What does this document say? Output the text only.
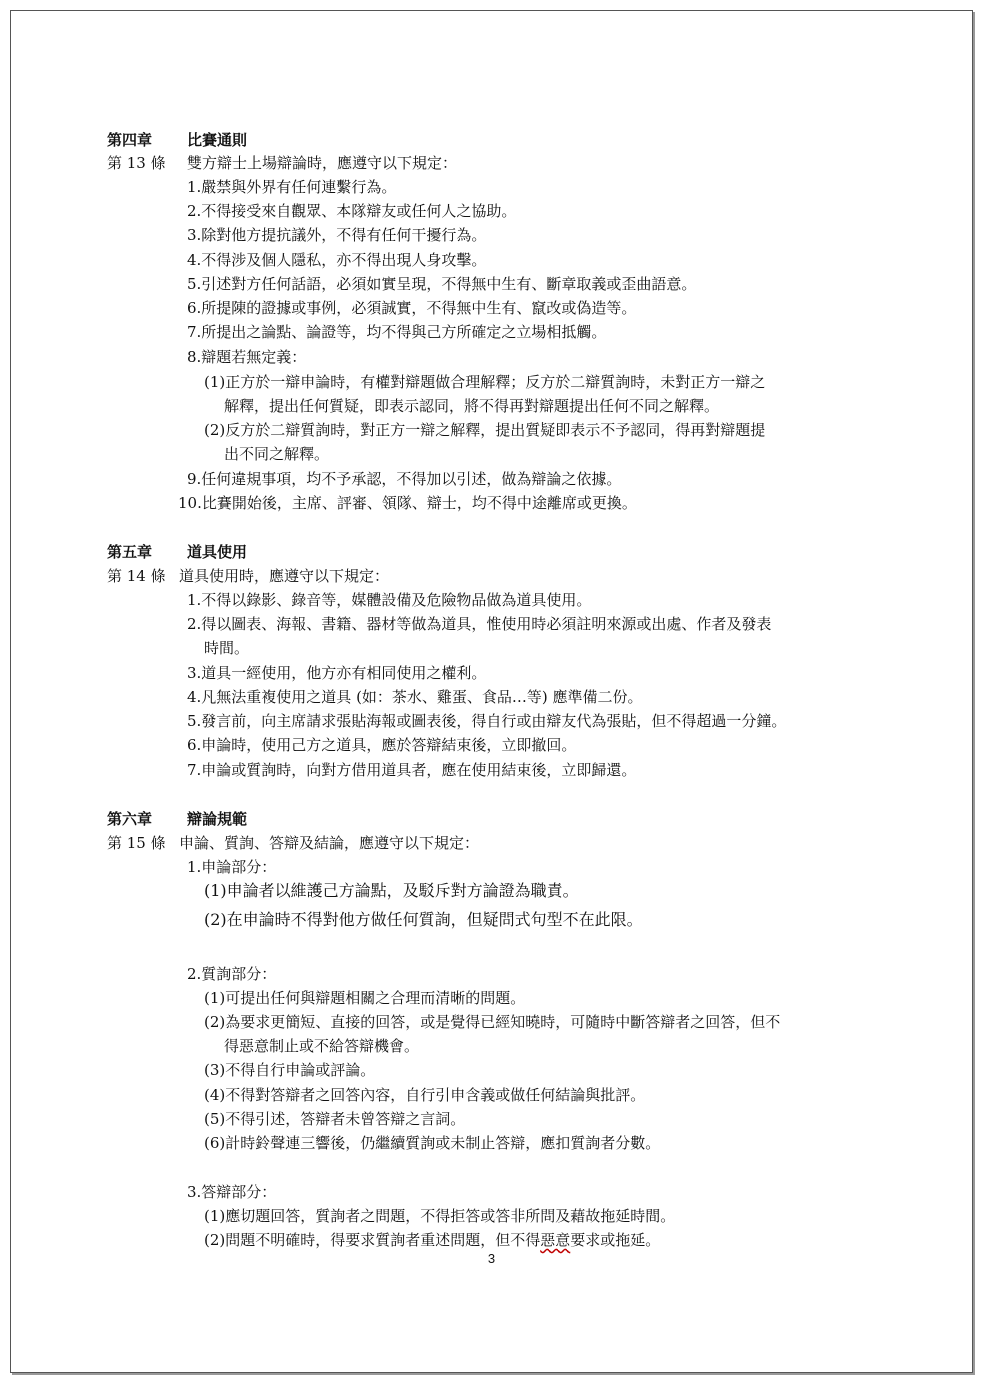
第四章 比賽通則
第 13 條 雙方辯士上場辯論時，應遵守以下規定：
1.嚴禁與外界有任何連繫行為。
2.不得接受來自觀眾、本隊辯友或任何人之協助。
3.除對他方提抗議外，不得有任何干擾行為。
4.不得涉及個人隱私，亦不得出現人身攻擊。
5.引述對方任何話語，必須如實呈現，不得無中生有、斷章取義或歪曲語意。
6.所提陳的證據或事例，必須誠實，不得無中生有、竄改或偽造等。
7.所提出之論點、論證等，均不得與己方所確定之立場相抵觸。
8.辯題若無定義：
(1)正方於一辯申論時，有權對辯題做合理解釋；反方於二辯質詢時，未對正方一辯之
解釋，提出任何質疑，即表示認同，將不得再對辯題提出任何不同之解釋。
(2)反方於二辯質詢時，對正方一辯之解釋，提出質疑即表示不予認同，得再對辯題提
出不同之解釋。
9.任何違規事項，均不予承認，不得加以引述，做為辯論之依據。
10.比賽開始後，主席、評審、領隊、辯士，均不得中途離席或更換。
第五章 道具使用
第 14 條 道具使用時，應遵守以下規定：
1.不得以錄影、錄音等，媒體設備及危險物品做為道具使用。
2.得以圖表、海報、書籍、器材等做為道具，惟使用時必須註明來源或出處、作者及發表
時間。
3.道具一經使用，他方亦有相同使用之權利。
4.凡無法重複使用之道具 (如：茶水、雞蛋、食品…等) 應準備二份。
5.發言前，向主席請求張貼海報或圖表後，得自行或由辯友代為張貼，但不得超過一分鐘。
6.申論時，使用己方之道具，應於答辯結束後，立即撤回。
7.申論或質詢時，向對方借用道具者，應在使用結束後，立即歸還。
第六章 辯論規範
第 15 條 申論、質詢、答辯及結論，應遵守以下規定：
1.申論部分：
(1)申論者以維護己方論點，及駁斥對方論證為職責。
(2)在申論時不得對他方做任何質詢，但疑問式句型不在此限。
2.質詢部分：
(1)可提出任何與辯題相關之合理而清晰的問題。
(2)為要求更簡短、直接的回答，或是覺得已經知曉時，可隨時中斷答辯者之回答，但不
得惡意制止或不給答辯機會。
(3)不得自行申論或評論。
(4)不得對答辯者之回答內容，自行引申含義或做任何結論與批評。
(5)不得引述，答辯者未曾答辯之言詞。
(6)計時鈴聲連三響後，仍繼續質詢或未制止答辯，應扣質詢者分數。
3.答辯部分：
(1)應切題回答，質詢者之問題，不得拒答或答非所問及藉故拖延時間。
(2)問題不明確時，得要求質詢者重述問題，但不得惡意要求或拖延。
3
